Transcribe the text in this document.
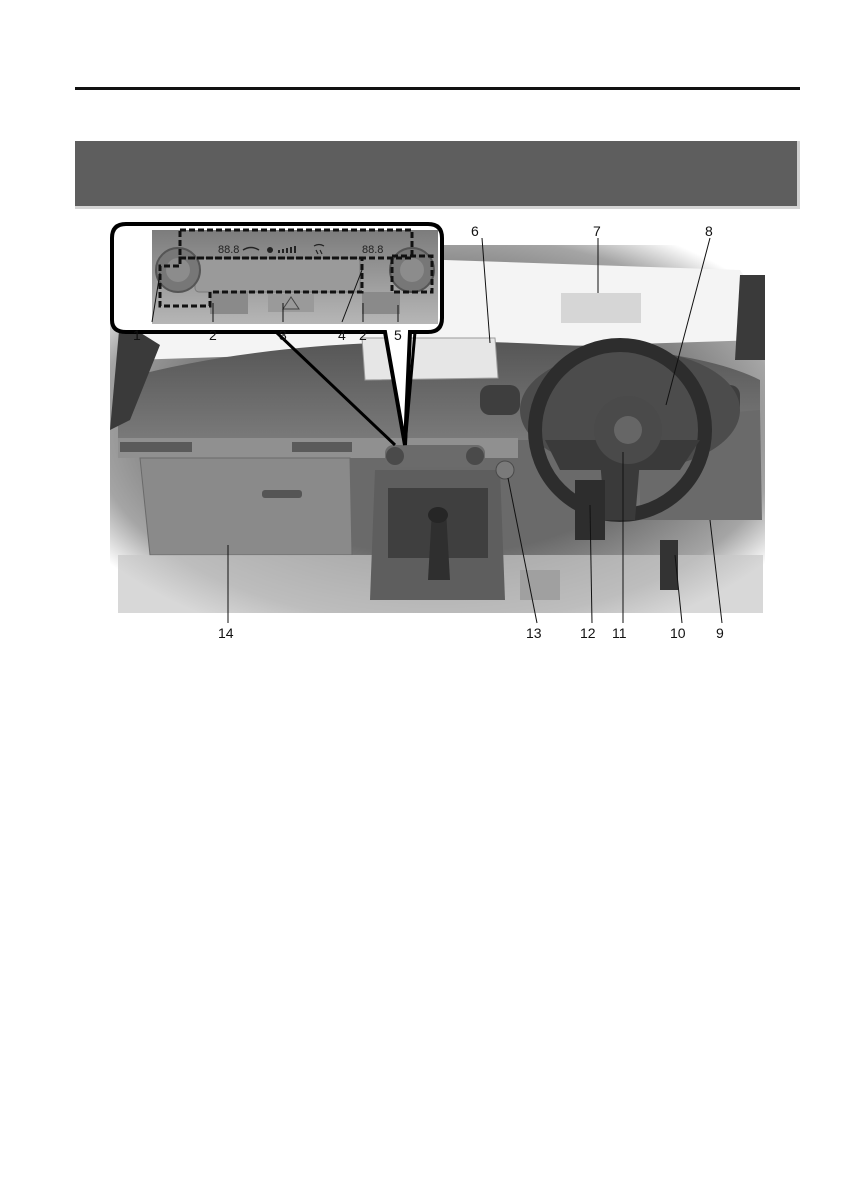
88.8	88.8
1	2	3	4 2 5
6	7	8
9
10
11
12
13
14
